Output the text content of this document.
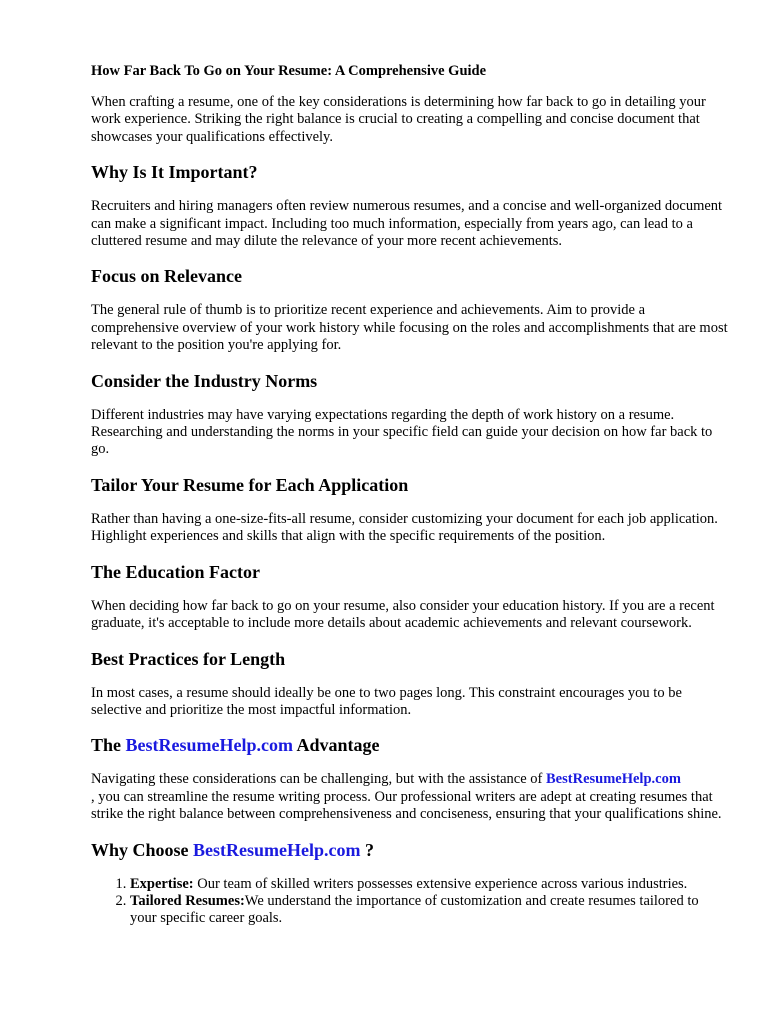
How Far Back To Go on Your Resume: A Comprehensive Guide

When crafting a resume, one of the key considerations is determining how far back to go in detailing your work experience. Striking the right balance is crucial to creating a compelling and concise document that showcases your qualifications effectively.

Why Is It Important?

Recruiters and hiring managers often review numerous resumes, and a concise and well-organized document can make a significant impact. Including too much information, especially from years ago, can lead to a cluttered resume and may dilute the relevance of your more recent achievements.

Focus on Relevance

The general rule of thumb is to prioritize recent experience and achievements. Aim to provide a comprehensive overview of your work history while focusing on the roles and accomplishments that are most relevant to the position you're applying for.

Consider the Industry Norms

Different industries may have varying expectations regarding the depth of work history on a resume. Researching and understanding the norms in your specific field can guide your decision on how far back to go.

Tailor Your Resume for Each Application

Rather than having a one-size-fits-all resume, consider customizing your document for each job application. Highlight experiences and skills that align with the specific requirements of the position.

The Education Factor

When deciding how far back to go on your resume, also consider your education history. If you are a recent graduate, it's acceptable to include more details about academic achievements and relevant coursework.

Best Practices for Length

In most cases, a resume should ideally be one to two pages long. This constraint encourages you to be selective and prioritize the most impactful information.

The BestResumeHelp.com Advantage

Navigating these considerations can be challenging, but with the assistance of BestResumeHelp.com
, you can streamline the resume writing process. Our professional writers are adept at creating resumes that strike the right balance between comprehensiveness and conciseness, ensuring that your qualifications shine.

Why Choose BestResumeHelp.com ?
1. Expertise: Our team of skilled writers possesses extensive experience across various industries.
2. Tailored Resumes:We understand the importance of customization and create resumes tailored to your specific career goals.
